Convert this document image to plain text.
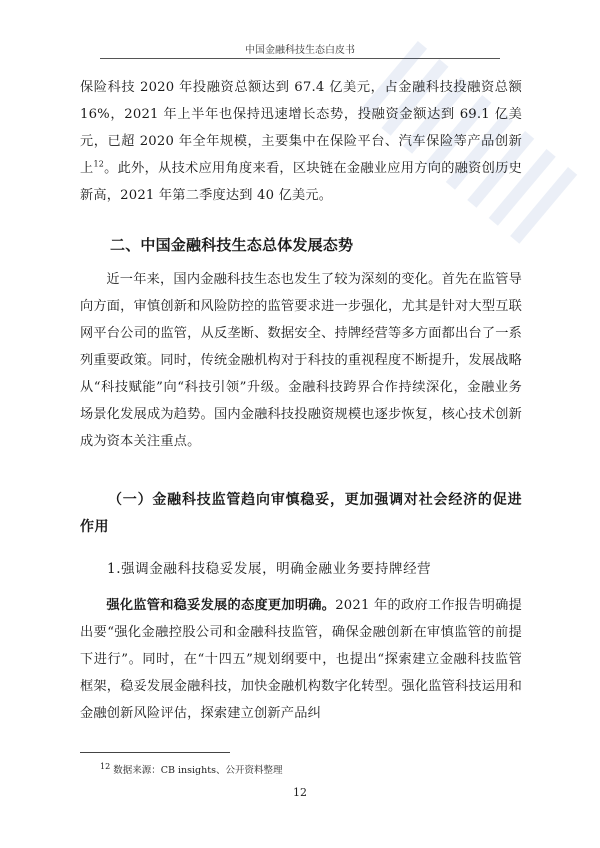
中国金融科技生态白皮书

保险科技 2020 年投融资总额达到 67.4 亿美元，占金融科技投融资总额 16%，2021 年上半年也保持迅速增长态势，投融资金额达到 69.1 亿美元，已超 2020 年全年规模，主要集中在保险平台、汽车保险等产品创新上$^{12}$。此外，从技术应用角度来看，区块链在金融业应用方向的融资创历史新高，2021 年第二季度达到 40 亿美元。

二、中国金融科技生态总体发展态势

近一年来，国内金融科技生态也发生了较为深刻的变化。首先在监管导向方面，审慎创新和风险防控的监管要求进一步强化，尤其是针对大型互联网平台公司的监管，从反垄断、数据安全、持牌经营等多方面都出台了一系列重要政策。同时，传统金融机构对于科技的重视程度不断提升，发展战略从“科技赋能”向“科技引领”升级。金融科技跨界合作持续深化，金融业务场景化发展成为趋势。国内金融科技投融资规模也逐步恢复，核心技术创新成为资本关注重点。

（一）金融科技监管趋向审慎稳妥，更加强调对社会经济的促进作用

1.强调金融科技稳妥发展，明确金融业务要持牌经营

强化监管和稳妥发展的态度更加明确。2021 年的政府工作报告明确提出要“强化金融控股公司和金融科技监管，确保金融创新在审慎监管的前提下进行”。同时，在“十四五”规划纲要中，也提出“探索建立金融科技监管框架，稳妥发展金融科技，加快金融机构数字化转型。强化监管科技运用和金融创新风险评估，探索建立创新产品纠

$^{12}$ 数据来源：CB insights、公开资料整理
12
